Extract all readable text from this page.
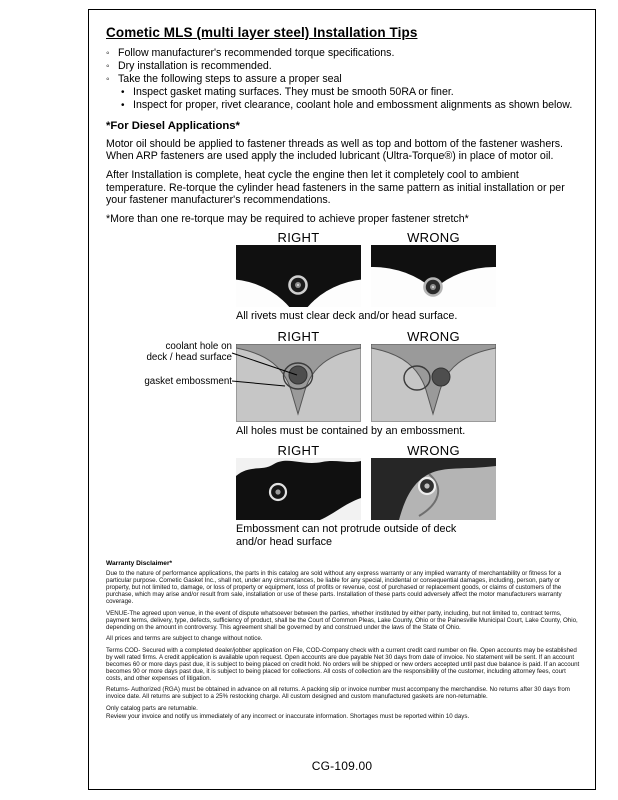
Cometic MLS (multi layer steel) Installation Tips
◦
Follow manufacturer's recommended torque specifications.
◦
Dry installation is recommended.
◦
Take the following steps to assure a proper seal
•
Inspect gasket mating surfaces. They must be smooth 50RA or finer.
•
Inspect for proper, rivet clearance, coolant hole and embossment alignments as shown below.
*For Diesel Applications*

Motor oil should be applied to fastener threads as well as top and bottom of the fastener washers. When ARP fasteners are used apply the included lubricant (Ultra-Torque®) in place of motor oil.

After Installation is complete, heat cycle the engine then let it completely cool to ambient temperature. Re-torque the cylinder head fasteners in the same pattern as initial installation or per your fastener manufacturer's recommendations.

*More than one re-torque may be required to achieve proper fastener stretch*

RIGHT	WRONG
All rivets must clear deck and/or head surface.
coolant hole on
deck / head surface
gasket embossment
RIGHT	WRONG
All holes must be contained by an embossment.
RIGHT	WRONG
Embossment can not protrude outside of deck and/or head surface
Warranty Disclaimer*

Due to the nature of performance applications, the parts in this catalog are sold without any express warranty or any implied warranty of merchantability or fitness for a particular purpose. Cometic Gasket Inc., shall not, under any circumstances, be liable for any special, incidental or consequential damages, including, person, party or property, but not limited to, damage, or loss of property or equipment, loss of profits or revenue, cost of purchased or replacement goods, or claims of customers of the purchase, which may arise and/or result from sale, installation or use of these parts. Installation of these parts could adversely affect the motor manufacturers warranty coverage.

VENUE-The agreed upon venue, in the event of dispute whatsoever between the parties, whether instituted by either party, including, but not limited to, contract terms, payment terms, delivery, type, defects, sufficiency of product, shall be the Court of Common Pleas, Lake County, Ohio or the Painesville Municipal Court, Lake County, Ohio, depending on the amount in controversy. This agreement shall be governed by and construed under the laws of the State of Ohio.

All prices and terms are subject to change without notice.

Terms COD- Secured with a completed dealer/jobber application on File, COD-Company check with a current credit card number on file. Open accounts may be established by well rated firms. A credit application is available upon request. Open accounts are due payable Net 30 days from date of invoice. No statement will be sent. If an account becomes 60 or more days past due, it is subject to being placed on credit hold. No orders will be shipped or new orders accepted until past due balance is paid. If an account becomes 90 or more days past due, it is subject to being placed for collections. All costs of collection are the responsibility of the customer, including attorney fees, court costs, and other expenses of litigation.

Returns- Authorized (RGA) must be obtained in advance on all returns. A packing slip or invoice number must accompany the merchandise. No returns after 30 days from invoice date. All returns are subject to a 25% restocking charge. All custom designed and custom manufactured gaskets are non-returnable.

Only catalog parts are returnable.

Review your invoice and notify us immediately of any incorrect or inaccurate information. Shortages must be reported within 10 days.

CG-109.00
